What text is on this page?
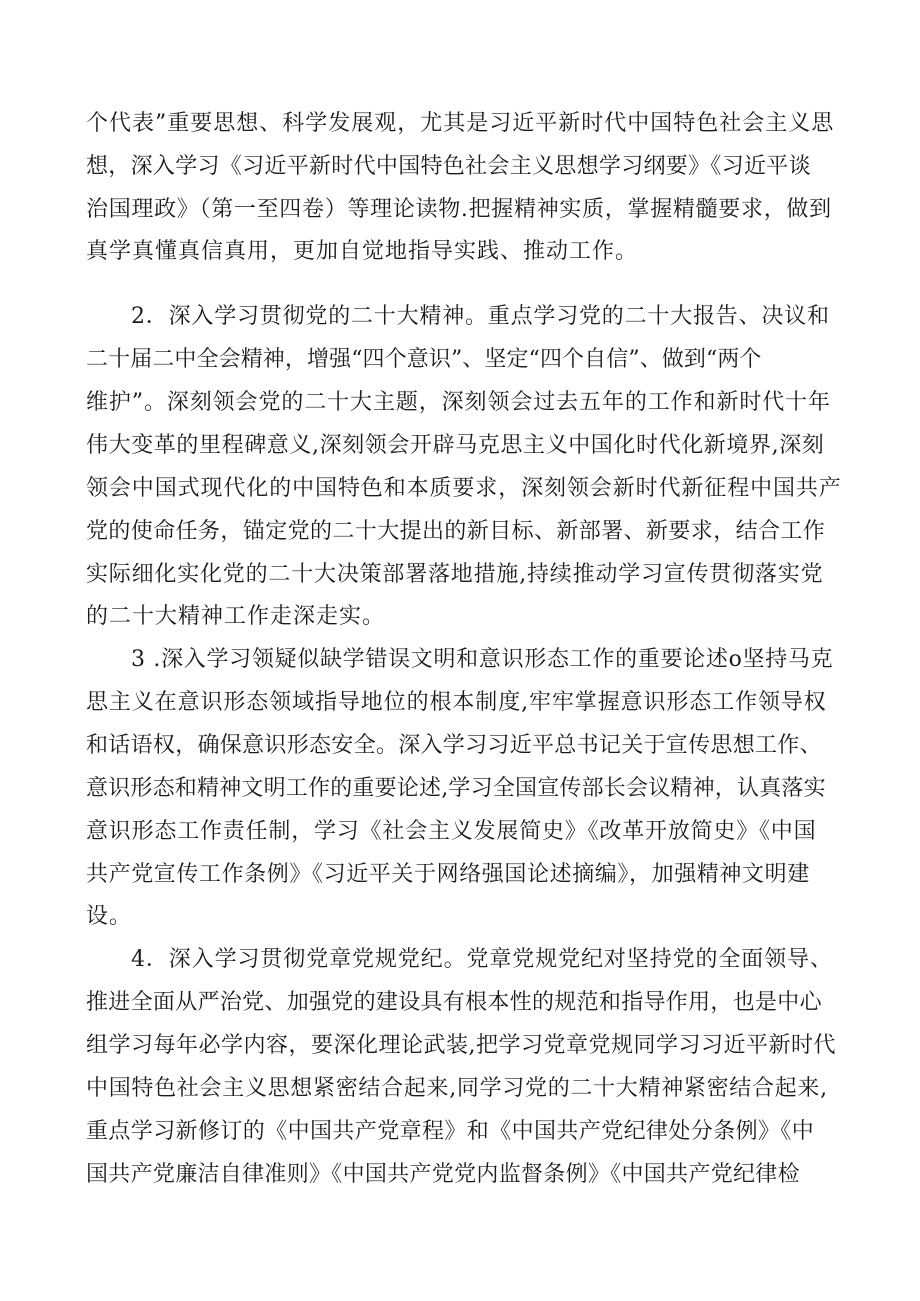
个代表”重要思想、科学发展观，尤其是习近平新时代中国特色社会主义思

想，深入学习《习近平新时代中国特色社会主义思想学习纲要》《习近平谈

治国理政》（第一至四卷）等理论读物.把握精神实质，掌握精髓要求，做到

真学真懂真信真用，更加自觉地指导实践、推动工作。

2．深入学习贯彻党的二十大精神。重点学习党的二十大报告、决议和

二十届二中全会精神，增强“四个意识”、坚定“四个自信”、做到“两个

维护”。深刻领会党的二十大主题，深刻领会过去五年的工作和新时代十年

伟大变革的里程碑意义,深刻领会开辟马克思主义中国化时代化新境界,深刻

领会中国式现代化的中国特色和本质要求，深刻领会新时代新征程中国共产

党的使命任务，锚定党的二十大提出的新目标、新部署、新要求，结合工作

实际细化实化党的二十大决策部署落地措施,持续推动学习宣传贯彻落实党

的二十大精神工作走深走实。

3 .深入学习领疑似缺学错误文明和意识形态工作的重要论述o坚持马克

思主义在意识形态领域指导地位的根本制度,牢牢掌握意识形态工作领导权

和话语权，确保意识形态安全。深入学习习近平总书记关于宣传思想工作、

意识形态和精神文明工作的重要论述,学习全国宣传部长会议精神，认真落实

意识形态工作责任制，学习《社会主义发展简史》《改革开放简史》《中国

共产党宣传工作条例》《习近平关于网络强国论述摘编》，加强精神文明建

设。

4．深入学习贯彻党章党规党纪。党章党规党纪对坚持党的全面领导、

推进全面从严治党、加强党的建设具有根本性的规范和指导作用，也是中心

组学习每年必学内容，要深化理论武装,把学习党章党规同学习习近平新时代

中国特色社会主义思想紧密结合起来,同学习党的二十大精神紧密结合起来,

重点学习新修订的《中国共产党章程》和《中国共产党纪律处分条例》《中

国共产党廉洁自律准则》《中国共产党党内监督条例》《中国共产党纪律检
